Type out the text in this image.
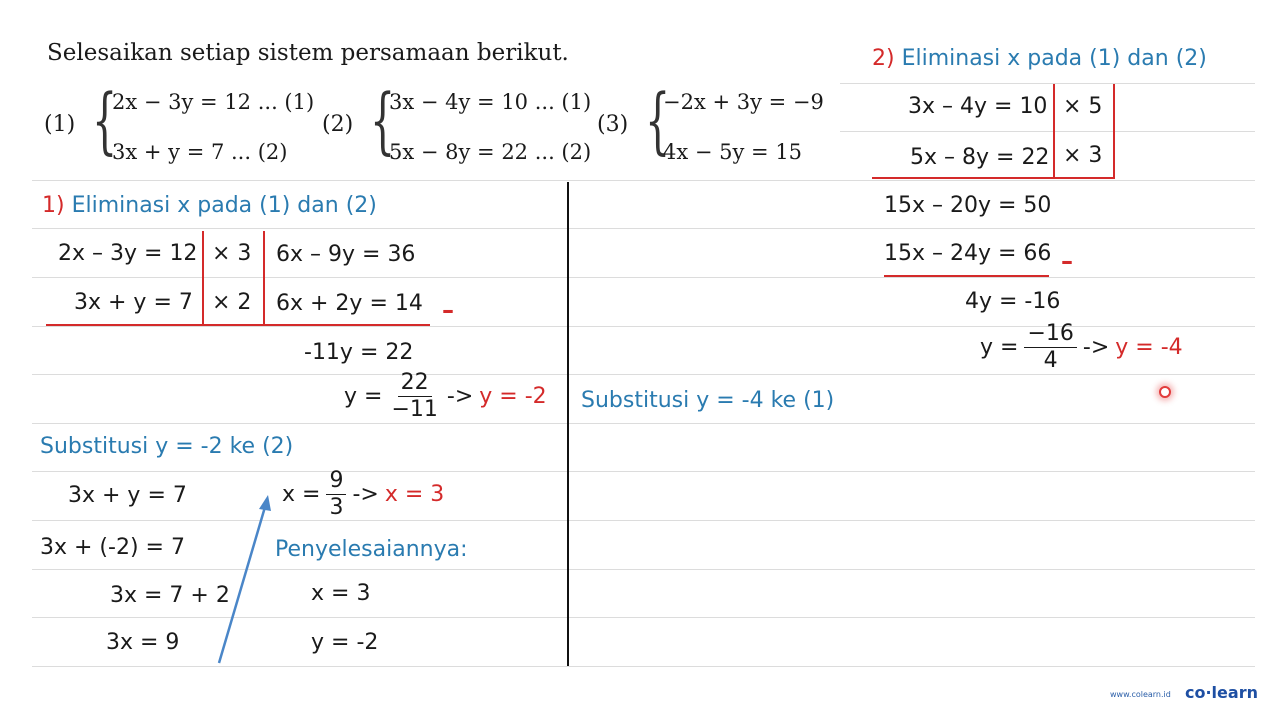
Selesaikan setiap sistem persamaan berikut.
(1) {
2x − 3y = 12 ... (1)
3x + y = 7 ... (2)
(2) {
3x − 4y = 10 ... (1)
5x − 8y = 22 ... (2)
(3) {
−2x + 3y = −9
4x − 5y = 15
1) Eliminasi x pada (1) dan (2)
2x – 3y = 12 × 3 6x – 9y = 36
3x + y = 7 × 2 6x + 2y = 14 –
-11y = 22
$y = \frac{22}{-11} -> y = -2$
Substitusi y = -2 ke (2)
3x + y = 7
3x + (-2) = 7
3x = 7 + 2
3x = 9
$x = \frac{9}{3} -> x = 3$
Penyelesaiannya:
x = 3
y = -2
2) Eliminasi x pada (1) dan (2)
3x – 4y = 10 × 5
5x – 8y = 22 × 3
15x – 20y = 50
15x – 24y = 66 –
4y = -16
$y = \frac{-16}{4} -> y = -4$
Substitusi y = -4 ke (1)
www.colearn.id co·learn
